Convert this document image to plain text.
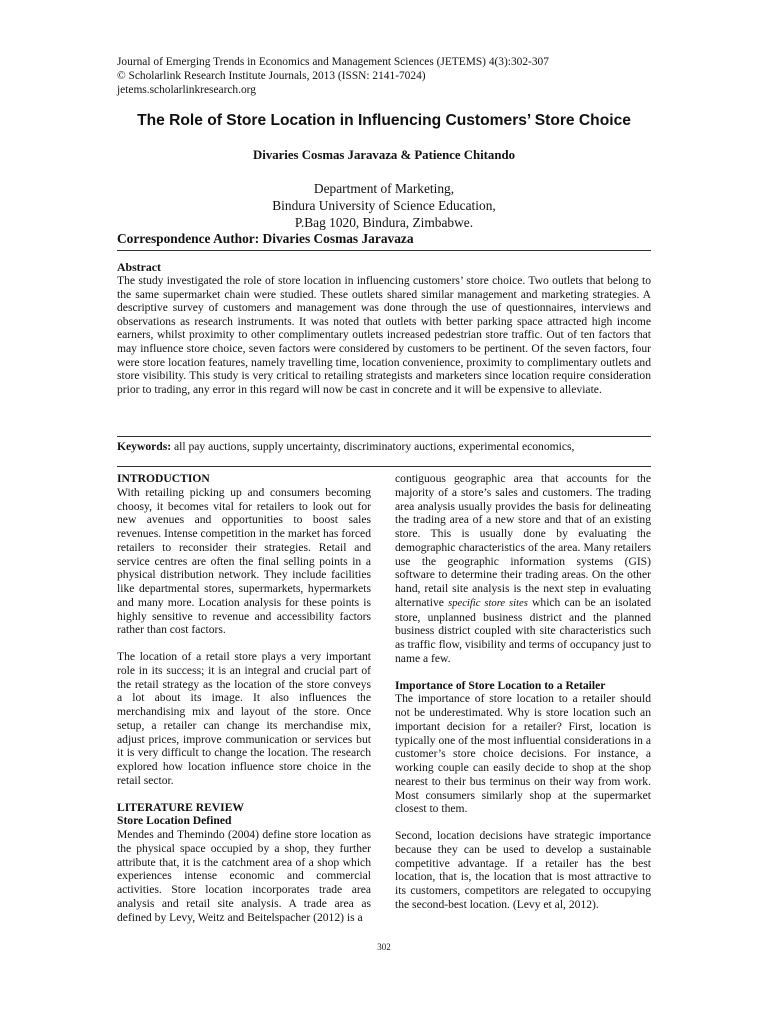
Journal of Emerging Trends in Economics and Management Sciences (JETEMS) 4(3):302-307
© Scholarlink Research Institute Journals, 2013 (ISSN: 2141-7024)
jetems.scholarlinkresearch.org
The Role of Store Location in Influencing Customers’ Store Choice
Divaries Cosmas Jaravaza & Patience Chitando
Department of Marketing,
Bindura University of Science Education,
P.Bag 1020, Bindura, Zimbabwe.
Correspondence Author: Divaries Cosmas Jaravaza
Abstract
The study investigated the role of store location in influencing customers’ store choice. Two outlets that belong to the same supermarket chain were studied. These outlets shared similar management and marketing strategies. A descriptive survey of customers and management was done through the use of questionnaires, interviews and observations as research instruments. It was noted that outlets with better parking space attracted high income earners, whilst proximity to other complimentary outlets increased pedestrian store traffic. Out of ten factors that may influence store choice, seven factors were considered by customers to be pertinent. Of the seven factors, four were store location features, namely travelling time, location convenience, proximity to complimentary outlets and store visibility. This study is very critical to retailing strategists and marketers since location require consideration prior to trading, any error in this regard will now be cast in concrete and it will be expensive to alleviate.
Keywords: all pay auctions, supply uncertainty, discriminatory auctions, experimental economics,
INTRODUCTION

With retailing picking up and consumers becoming choosy, it becomes vital for retailers to look out for new avenues and opportunities to boost sales revenues. Intense competition in the market has forced retailers to reconsider their strategies. Retail and service centres are often the final selling points in a physical distribution network. They include facilities like departmental stores, supermarkets, hypermarkets and many more. Location analysis for these points is highly sensitive to revenue and accessibility factors rather than cost factors.

The location of a retail store plays a very important role in its success; it is an integral and crucial part of the retail strategy as the location of the store conveys a lot about its image. It also influences the merchandising mix and layout of the store. Once setup, a retailer can change its merchandise mix, adjust prices, improve communication or services but it is very difficult to change the location. The research explored how location influence store choice in the retail sector.

LITERATURE REVIEW
Store Location Defined

Mendes and Themindo (2004) define store location as the physical space occupied by a shop, they further attribute that, it is the catchment area of a shop which experiences intense economic and commercial activities. Store location incorporates trade area analysis and retail site analysis. A trade area as defined by Levy, Weitz and Beitelspacher (2012) is a

contiguous geographic area that accounts for the majority of a store’s sales and customers. The trading area analysis usually provides the basis for delineating the trading area of a new store and that of an existing store. This is usually done by evaluating the demographic characteristics of the area. Many retailers use the geographic information systems (GIS) software to determine their trading areas. On the other hand, retail site analysis is the next step in evaluating alternative specific store sites which can be an isolated store, unplanned business district and the planned business district coupled with site characteristics such as traffic flow, visibility and terms of occupancy just to name a few.

Importance of Store Location to a Retailer

The importance of store location to a retailer should not be underestimated. Why is store location such an important decision for a retailer? First, location is typically one of the most influential considerations in a customer’s store choice decisions. For instance, a working couple can easily decide to shop at the shop nearest to their bus terminus on their way from work. Most consumers similarly shop at the supermarket closest to them.

Second, location decisions have strategic importance because they can be used to develop a sustainable competitive advantage. If a retailer has the best location, that is, the location that is most attractive to its customers, competitors are relegated to occupying the second-best location. (Levy et al, 2012).

302
